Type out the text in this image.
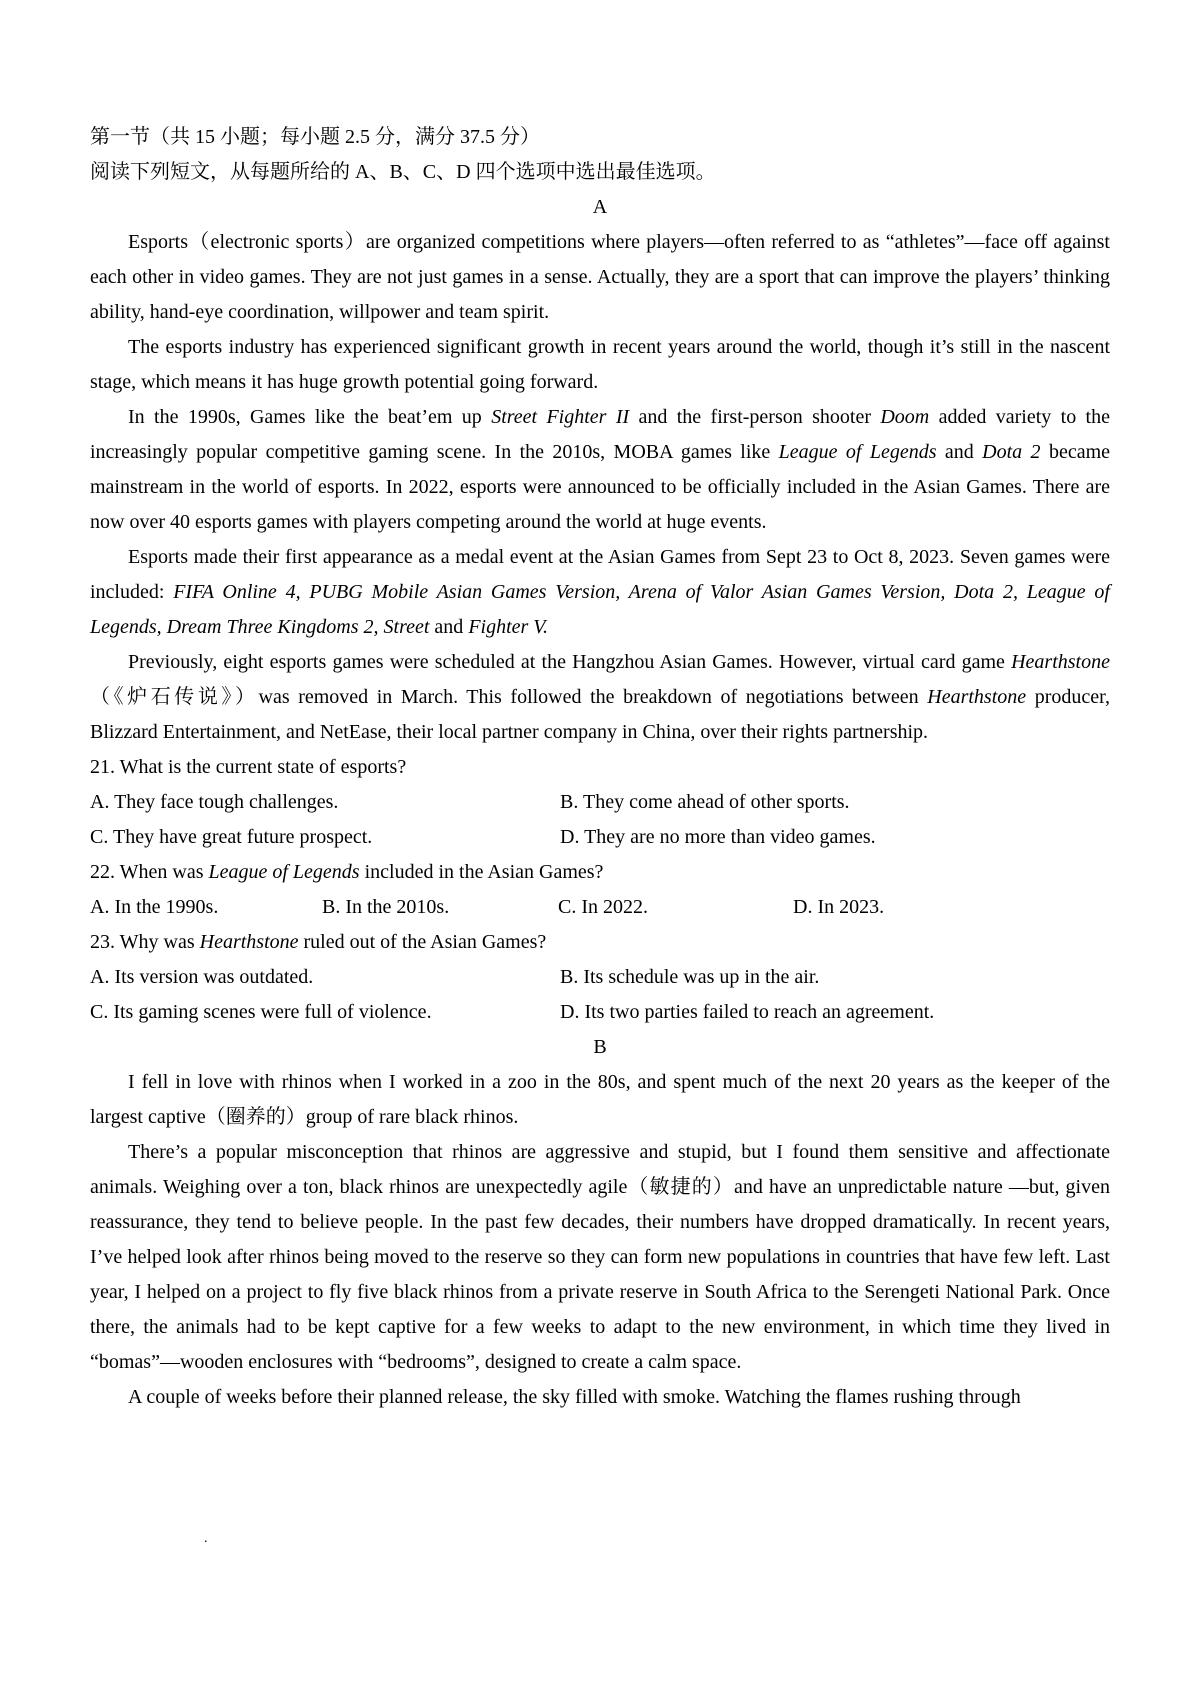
第一节（共 15 小题；每小题 2.5 分，满分 37.5 分）

阅读下列短文，从每题所给的 A、B、C、D 四个选项中选出最佳选项。

A

Esports（electronic sports）are organized competitions where players—often referred to as “athletes”—face off against each other in video games. They are not just games in a sense. Actually, they are a sport that can improve the players’ thinking ability, hand-eye coordination, willpower and team spirit.

The esports industry has experienced significant growth in recent years around the world, though it’s still in the nascent stage, which means it has huge growth potential going forward.

In the 1990s, Games like the beat’em up Street Fighter II and the first-person shooter Doom added variety to the increasingly popular competitive gaming scene. In the 2010s, MOBA games like League of Legends and Dota 2 became mainstream in the world of esports. In 2022, esports were announced to be officially included in the Asian Games. There are now over 40 esports games with players competing around the world at huge events.

Esports made their first appearance as a medal event at the Asian Games from Sept 23 to Oct 8, 2023. Seven games were included: FIFA Online 4, PUBG Mobile Asian Games Version, Arena of Valor Asian Games Version, Dota 2, League of Legends, Dream Three Kingdoms 2, Street and Fighter V.

Previously, eight esports games were scheduled at the Hangzhou Asian Games. However, virtual card game Hearthstone（《炉石传说》）was removed in March. This followed the breakdown of negotiations between Hearthstone producer, Blizzard Entertainment, and NetEase, their local partner company in China, over their rights partnership.

21. What is the current state of esports?

A. They face tough challenges.	B. They come ahead of other sports.
C. They have great future prospect.	D. They are no more than video games.

22. When was League of Legends included in the Asian Games?

A. In the 1990s.	B. In the 2010s.	C. In 2022.	D. In 2023.

23. Why was Hearthstone ruled out of the Asian Games?

A. Its version was outdated.	B. Its schedule was up in the air.
C. Its gaming scenes were full of violence.	D. Its two parties failed to reach an agreement.

B

I fell in love with rhinos when I worked in a zoo in the 80s, and spent much of the next 20 years as the keeper of the largest captive（圈养的）group of rare black rhinos.

There’s a popular misconception that rhinos are aggressive and stupid, but I found them sensitive and affectionate animals. Weighing over a ton, black rhinos are unexpectedly agile（敏捷的）and have an unpredictable nature —but, given reassurance, they tend to believe people. In the past few decades, their numbers have dropped dramatically. In recent years, I’ve helped look after rhinos being moved to the reserve so they can form new populations in countries that have few left. Last year, I helped on a project to fly five black rhinos from a private reserve in South Africa to the Serengeti National Park. Once there, the animals had to be kept captive for a few weeks to adapt to the new environment, in which time they lived in “bomas”—wooden enclosures with “bedrooms”, designed to create a calm space.

A couple of weeks before their planned release, the sky filled with smoke. Watching the flames rushing through

.
